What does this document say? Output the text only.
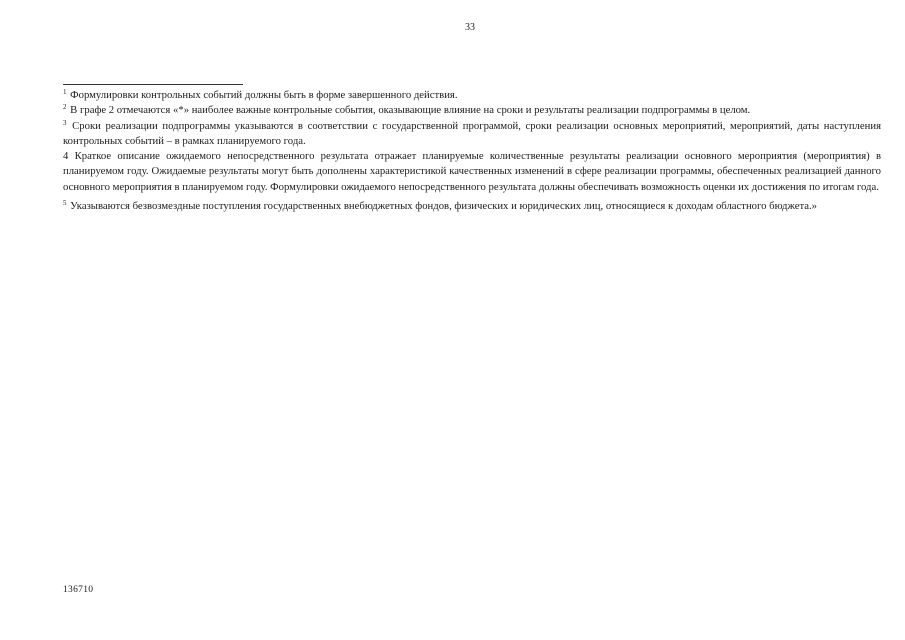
33

$^1$ Формулировки контрольных событий должны быть в форме завершенного действия.

$^2$ В графе 2 отмечаются «*» наиболее важные контрольные события, оказывающие влияние на сроки и результаты реализации подпрограммы в целом.

$^3$ Сроки реализации подпрограммы указываются в соответствии с государственной программой, сроки реализации основных мероприятий, мероприятий, даты наступления контрольных событий – в рамках планируемого года.

4 Краткое описание ожидаемого непосредственного результата отражает планируемые количественные результаты реализации основного мероприятия (мероприятия) в планируемом году. Ожидаемые результаты могут быть дополнены характеристикой качественных изменений в сфере реализации программы, обеспеченных реализацией данного основного мероприятия в планируемом году. Формулировки ожидаемого непосредственного результата должны обеспечивать возможность оценки их достижения по итогам года.

$^5$ Указываются безвозмездные поступления государственных внебюджетных фондов, физических и юридических лиц, относящиеся к доходам областного бюджета.»

136710
